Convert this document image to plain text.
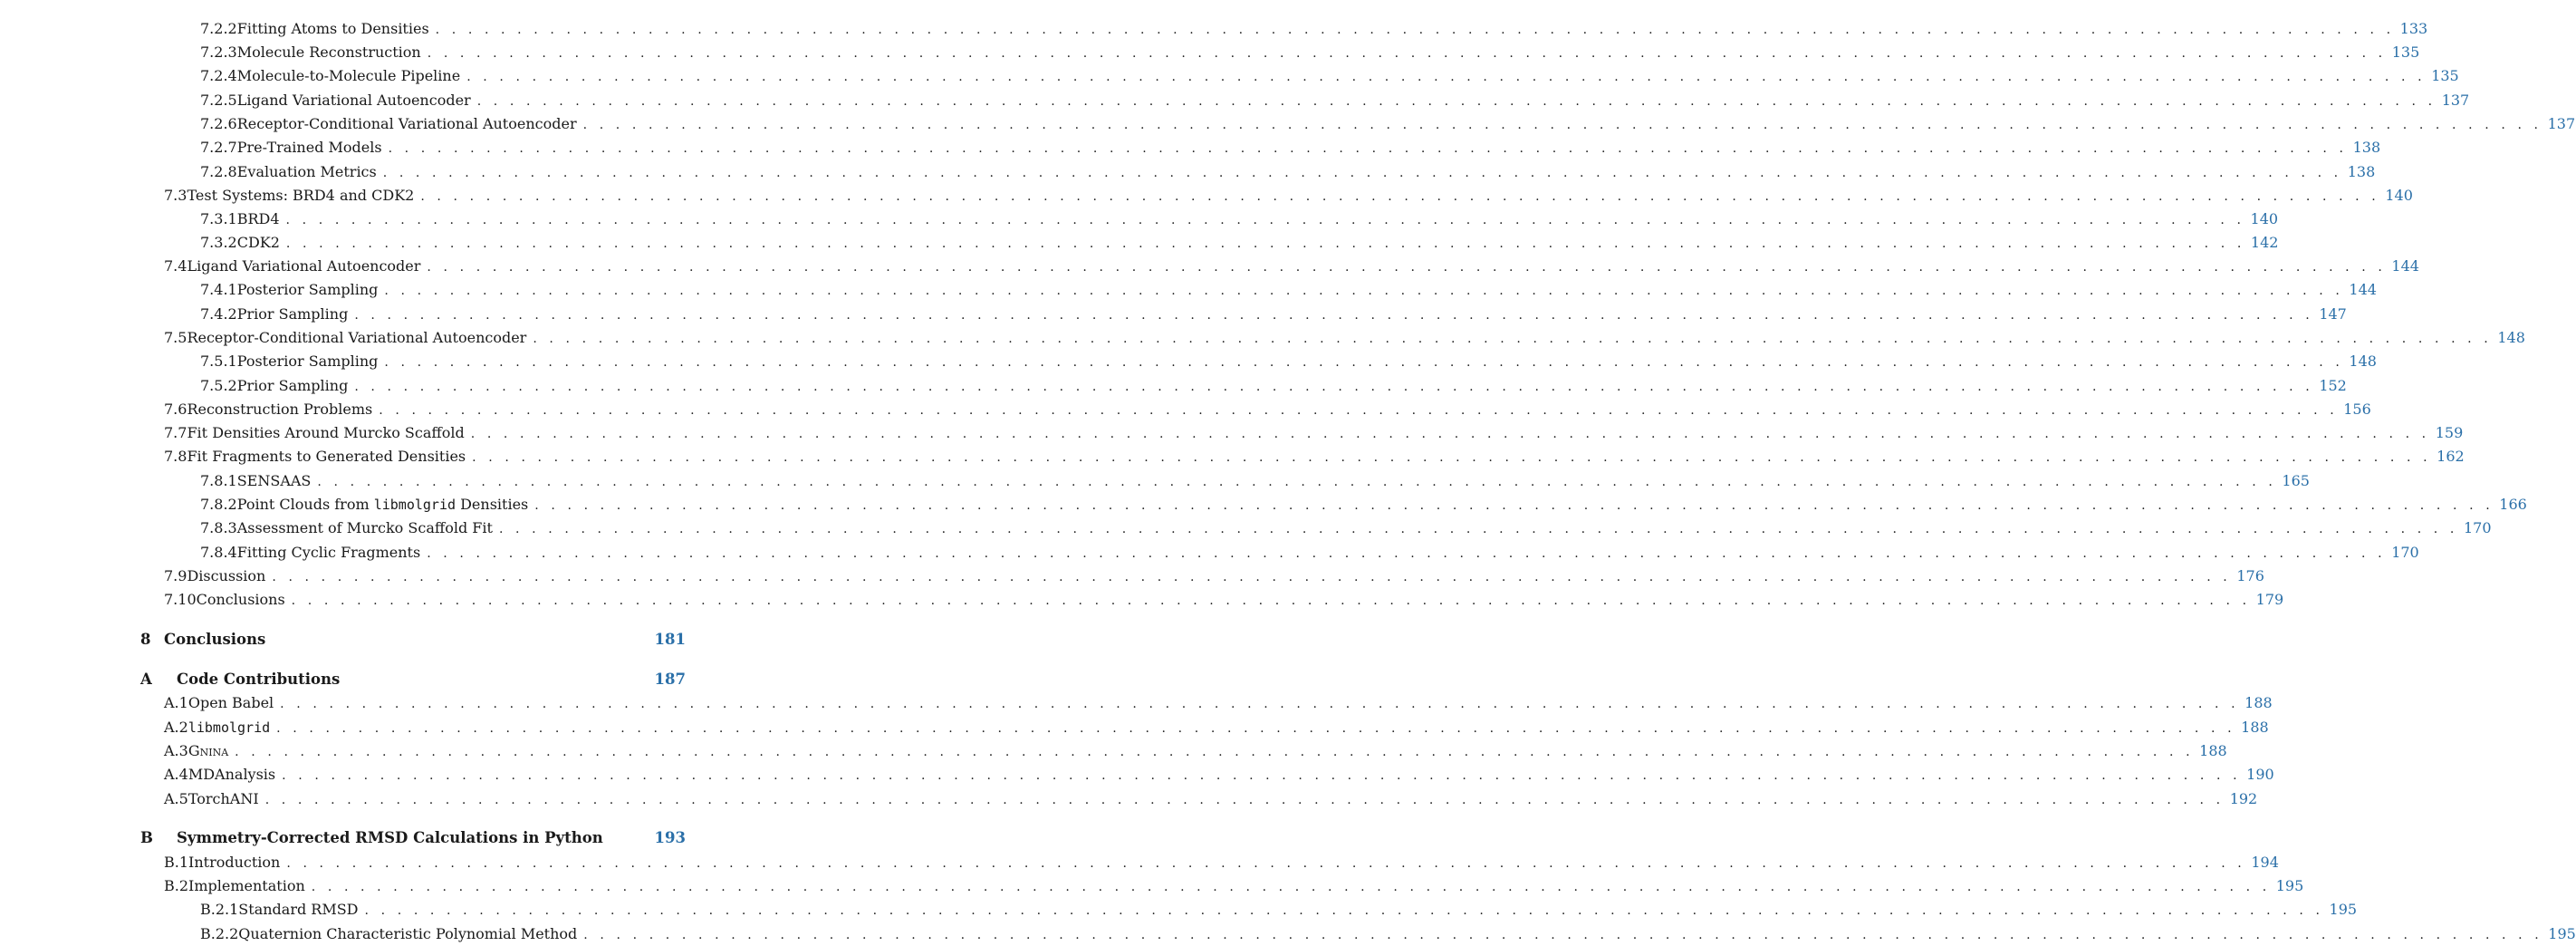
7.2.2 Fitting Atoms to Densities . . . . . . . . . . . . . . . . . . . . . . . . . . . . . . . . . . . . . . . . . . . . . . . . . . . . . . . . . . . . . . . . . . . . . . . . . . . . . . . . . . . . . . . . . . . . . . . . . . . . . . . . . . . . . . . . . . . . . . . . 133
7.2.3 Molecule Reconstruction . . . . . . . . . . . . . . . . . . . . . . . . . . . . . . . . . . . . . . . . . . . . . . . . . . . . . . . . . . . . . . . . . . . . . . . . . . . . . . . . . . . . . . . . . . . . . . . . . . . . . . . . . . . . . . . . . . . . . . . . 135
7.2.4 Molecule-to-Molecule Pipeline . . . . . . . . . . . . . . . . . . . . . . . . . . . . . . . . . . . . . . . . . . . . . . . . . . . . . . . . . . . . . . . . . . . . . . . . . . . . . . . . . . . . . . . . . . . . . . . . . . . . . . . . . . . . . . . . . . . . . . . . 135
7.2.5 Ligand Variational Autoencoder . . . . . . . . . . . . . . . . . . . . . . . . . . . . . . . . . . . . . . . . . . . . . . . . . . . . . . . . . . . . . . . . . . . . . . . . . . . . . . . . . . . . . . . . . . . . . . . . . . . . . . . . . . . . . . . . . . . . . . . . 137
7.2.6 Receptor-Conditional Variational Autoencoder . . . . . . . . . . . . . . . . . . . . . . . . . . . . . . . . . . . . . . . . . . . . . . . . . . . . . . . . . . . . . . . . . . . . . . . . . . . . . . . . . . . . . . . . . . . . . . . . . . . . . . . . . . . . . . . . . . . . . . . . 137
7.2.7 Pre-Trained Models . . . . . . . . . . . . . . . . . . . . . . . . . . . . . . . . . . . . . . . . . . . . . . . . . . . . . . . . . . . . . . . . . . . . . . . . . . . . . . . . . . . . . . . . . . . . . . . . . . . . . . . . . . . . . . . . . . . . . . . . 138
7.2.8 Evaluation Metrics . . . . . . . . . . . . . . . . . . . . . . . . . . . . . . . . . . . . . . . . . . . . . . . . . . . . . . . . . . . . . . . . . . . . . . . . . . . . . . . . . . . . . . . . . . . . . . . . . . . . . . . . . . . . . . . . . . . . . . . . 138
7.3 Test Systems: BRD4 and CDK2 . . . . . . . . . . . . . . . . . . . . . . . . . . . . . . . . . . . . . . . . . . . . . . . . . . . . . . . . . . . . . . . . . . . . . . . . . . . . . . . . . . . . . . . . . . . . . . . . . . . . . . . . . . . . . . . . . . . . . . . . 140
7.3.1 BRD4 . . . . . . . . . . . . . . . . . . . . . . . . . . . . . . . . . . . . . . . . . . . . . . . . . . . . . . . . . . . . . . . . . . . . . . . . . . . . . . . . . . . . . . . . . . . . . . . . . . . . . . . . . . . . . . . . . . . . . . . . 140
7.3.2 CDK2 . . . . . . . . . . . . . . . . . . . . . . . . . . . . . . . . . . . . . . . . . . . . . . . . . . . . . . . . . . . . . . . . . . . . . . . . . . . . . . . . . . . . . . . . . . . . . . . . . . . . . . . . . . . . . . . . . . . . . . . . 142
7.4 Ligand Variational Autoencoder . . . . . . . . . . . . . . . . . . . . . . . . . . . . . . . . . . . . . . . . . . . . . . . . . . . . . . . . . . . . . . . . . . . . . . . . . . . . . . . . . . . . . . . . . . . . . . . . . . . . . . . . . . . . . . . . . . . . . . . . 144
7.4.1 Posterior Sampling . . . . . . . . . . . . . . . . . . . . . . . . . . . . . . . . . . . . . . . . . . . . . . . . . . . . . . . . . . . . . . . . . . . . . . . . . . . . . . . . . . . . . . . . . . . . . . . . . . . . . . . . . . . . . . . . . . . . . . . . 144
7.4.2 Prior Sampling . . . . . . . . . . . . . . . . . . . . . . . . . . . . . . . . . . . . . . . . . . . . . . . . . . . . . . . . . . . . . . . . . . . . . . . . . . . . . . . . . . . . . . . . . . . . . . . . . . . . . . . . . . . . . . . . . . . . . . . . 147
7.5 Receptor-Conditional Variational Autoencoder . . . . . . . . . . . . . . . . . . . . . . . . . . . . . . . . . . . . . . . . . . . . . . . . . . . . . . . . . . . . . . . . . . . . . . . . . . . . . . . . . . . . . . . . . . . . . . . . . . . . . . . . . . . . . . . . . . . . . . . . 148
7.5.1 Posterior Sampling . . . . . . . . . . . . . . . . . . . . . . . . . . . . . . . . . . . . . . . . . . . . . . . . . . . . . . . . . . . . . . . . . . . . . . . . . . . . . . . . . . . . . . . . . . . . . . . . . . . . . . . . . . . . . . . . . . . . . . . . 148
7.5.2 Prior Sampling . . . . . . . . . . . . . . . . . . . . . . . . . . . . . . . . . . . . . . . . . . . . . . . . . . . . . . . . . . . . . . . . . . . . . . . . . . . . . . . . . . . . . . . . . . . . . . . . . . . . . . . . . . . . . . . . . . . . . . . . 152
7.6 Reconstruction Problems . . . . . . . . . . . . . . . . . . . . . . . . . . . . . . . . . . . . . . . . . . . . . . . . . . . . . . . . . . . . . . . . . . . . . . . . . . . . . . . . . . . . . . . . . . . . . . . . . . . . . . . . . . . . . . . . . . . . . . . . 156
7.7 Fit Densities Around Murcko Scaffold . . . . . . . . . . . . . . . . . . . . . . . . . . . . . . . . . . . . . . . . . . . . . . . . . . . . . . . . . . . . . . . . . . . . . . . . . . . . . . . . . . . . . . . . . . . . . . . . . . . . . . . . . . . . . . . . . . . . . . . . 159
7.8 Fit Fragments to Generated Densities . . . . . . . . . . . . . . . . . . . . . . . . . . . . . . . . . . . . . . . . . . . . . . . . . . . . . . . . . . . . . . . . . . . . . . . . . . . . . . . . . . . . . . . . . . . . . . . . . . . . . . . . . . . . . . . . . . . . . . . . 162
7.8.1 SENSAAS . . . . . . . . . . . . . . . . . . . . . . . . . . . . . . . . . . . . . . . . . . . . . . . . . . . . . . . . . . . . . . . . . . . . . . . . . . . . . . . . . . . . . . . . . . . . . . . . . . . . . . . . . . . . . . . . . . . . . . . . 165
7.8.2 Point Clouds from libmolgrid Densities . . . . . . . . . . . . . . . . . . . . . . . . . . . . . . . . . . . . . . . . . . . . . . . . . . . . . . . . . . . . . . . . . . . . . . . . . . . . . . . . . . . . . . . . . . . . . . . . . . . . . . . . . . . . . . . . . . . . . . . . 166
7.8.3 Assessment of Murcko Scaffold Fit . . . . . . . . . . . . . . . . . . . . . . . . . . . . . . . . . . . . . . . . . . . . . . . . . . . . . . . . . . . . . . . . . . . . . . . . . . . . . . . . . . . . . . . . . . . . . . . . . . . . . . . . . . . . . . . . . . . . . . . . 170
7.8.4 Fitting Cyclic Fragments . . . . . . . . . . . . . . . . . . . . . . . . . . . . . . . . . . . . . . . . . . . . . . . . . . . . . . . . . . . . . . . . . . . . . . . . . . . . . . . . . . . . . . . . . . . . . . . . . . . . . . . . . . . . . . . . . . . . . . . . 170
7.9 Discussion . . . . . . . . . . . . . . . . . . . . . . . . . . . . . . . . . . . . . . . . . . . . . . . . . . . . . . . . . . . . . . . . . . . . . . . . . . . . . . . . . . . . . . . . . . . . . . . . . . . . . . . . . . . . . . . . . . . . . . . . 176
7.10 Conclusions . . . . . . . . . . . . . . . . . . . . . . . . . . . . . . . . . . . . . . . . . . . . . . . . . . . . . . . . . . . . . . . . . . . . . . . . . . . . . . . . . . . . . . . . . . . . . . . . . . . . . . . . . . . . . . . . . . . . . . . . 179
8 Conclusions	181
A	Code Contributions	187
A.1 Open Babel . . . . . . . . . . . . . . . . . . . . . . . . . . . . . . . . . . . . . . . . . . . . . . . . . . . . . . . . . . . . . . . . . . . . . . . . . . . . . . . . . . . . . . . . . . . . . . . . . . . . . . . . . . . . . . . . . . . . . . . . 188
A.2 libmolgrid . . . . . . . . . . . . . . . . . . . . . . . . . . . . . . . . . . . . . . . . . . . . . . . . . . . . . . . . . . . . . . . . . . . . . . . . . . . . . . . . . . . . . . . . . . . . . . . . . . . . . . . . . . . . . . . . . . . . . . . . 188
A.3 Gnina . . . . . . . . . . . . . . . . . . . . . . . . . . . . . . . . . . . . . . . . . . . . . . . . . . . . . . . . . . . . . . . . . . . . . . . . . . . . . . . . . . . . . . . . . . . . . . . . . . . . . . . . . . . . . . . . . . . . . . . . 188
A.4 MDAnalysis . . . . . . . . . . . . . . . . . . . . . . . . . . . . . . . . . . . . . . . . . . . . . . . . . . . . . . . . . . . . . . . . . . . . . . . . . . . . . . . . . . . . . . . . . . . . . . . . . . . . . . . . . . . . . . . . . . . . . . . . 190
A.5 TorchANI . . . . . . . . . . . . . . . . . . . . . . . . . . . . . . . . . . . . . . . . . . . . . . . . . . . . . . . . . . . . . . . . . . . . . . . . . . . . . . . . . . . . . . . . . . . . . . . . . . . . . . . . . . . . . . . . . . . . . . . . 192
B	Symmetry-Corrected RMSD Calculations in Python	193
B.1 Introduction . . . . . . . . . . . . . . . . . . . . . . . . . . . . . . . . . . . . . . . . . . . . . . . . . . . . . . . . . . . . . . . . . . . . . . . . . . . . . . . . . . . . . . . . . . . . . . . . . . . . . . . . . . . . . . . . . . . . . . . . 194
B.2 Implementation . . . . . . . . . . . . . . . . . . . . . . . . . . . . . . . . . . . . . . . . . . . . . . . . . . . . . . . . . . . . . . . . . . . . . . . . . . . . . . . . . . . . . . . . . . . . . . . . . . . . . . . . . . . . . . . . . . . . . . . . 195
B.2.1 Standard RMSD . . . . . . . . . . . . . . . . . . . . . . . . . . . . . . . . . . . . . . . . . . . . . . . . . . . . . . . . . . . . . . . . . . . . . . . . . . . . . . . . . . . . . . . . . . . . . . . . . . . . . . . . . . . . . . . . . . . . . . . . 195
B.2.2 Quaternion Characteristic Polynomial Method . . . . . . . . . . . . . . . . . . . . . . . . . . . . . . . . . . . . . . . . . . . . . . . . . . . . . . . . . . . . . . . . . . . . . . . . . . . . . . . . . . . . . . . . . . . . . . . . . . . . . . . . . . . . . . . . . . . . . . . . 195
